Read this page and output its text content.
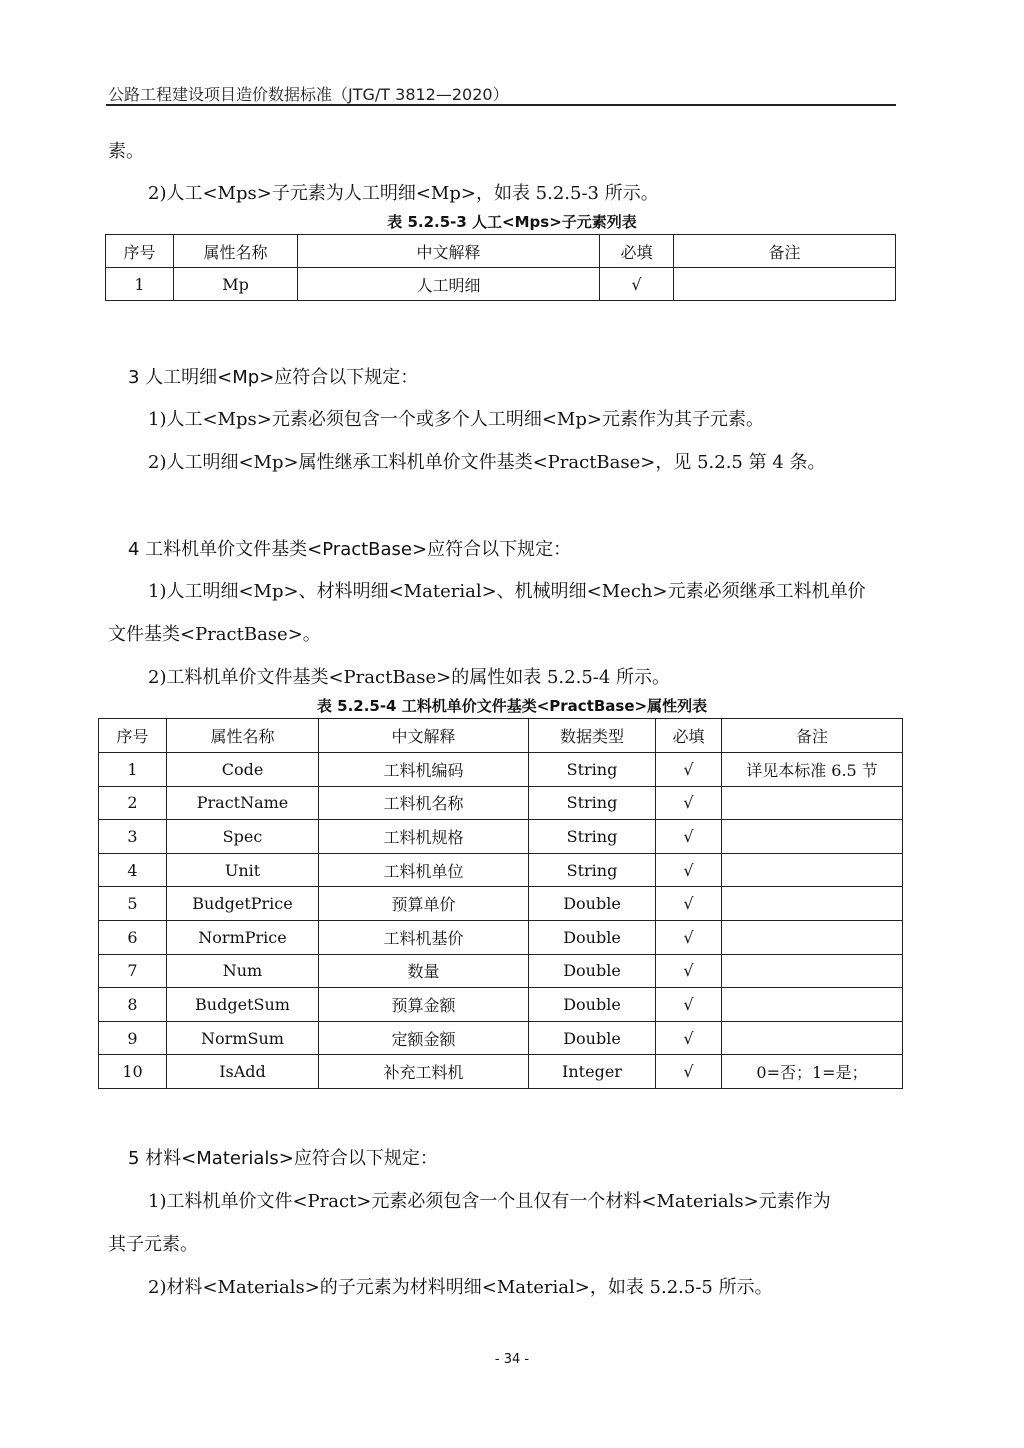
公路工程建设项目造价数据标准（JTG/T 3812—2020）
素。
2)人工<Mps>子元素为人工明细<Mp>，如表 5.2.5-3 所示。
表 5.2.5-3 人工<Mps>子元素列表
序号	属性名称	中文解释	必填	备注
1	Mp	人工明细	√	
3 人工明细<Mp>应符合以下规定：
1)人工<Mps>元素必须包含一个或多个人工明细<Mp>元素作为其子元素。
2)人工明细<Mp>属性继承工料机单价文件基类<PractBase>，见 5.2.5 第 4 条。
4 工料机单价文件基类<PractBase>应符合以下规定：
1)人工明细<Mp>、材料明细<Material>、机械明细<Mech>元素必须继承工料机单价
文件基类<PractBase>。
2)工料机单价文件基类<PractBase>的属性如表 5.2.5-4 所示。
表 5.2.5-4 工料机单价文件基类<PractBase>属性列表
序号	属性名称	中文解释	数据类型	必填	备注
1	Code	工料机编码	String	√	详见本标准 6.5 节
2	PractName	工料机名称	String	√	
3	Spec	工料机规格	String	√	
4	Unit	工料机单位	String	√	
5	BudgetPrice	预算单价	Double	√	
6	NormPrice	工料机基价	Double	√	
7	Num	数量	Double	√	
8	BudgetSum	预算金额	Double	√	
9	NormSum	定额金额	Double	√	
10	IsAdd	补充工料机	Integer	√	0=否；1=是；
5 材料<Materials>应符合以下规定：
1)工料机单价文件<Pract>元素必须包含一个且仅有一个材料<Materials>元素作为
其子元素。
2)材料<Materials>的子元素为材料明细<Material>，如表 5.2.5-5 所示。
- 34 -
